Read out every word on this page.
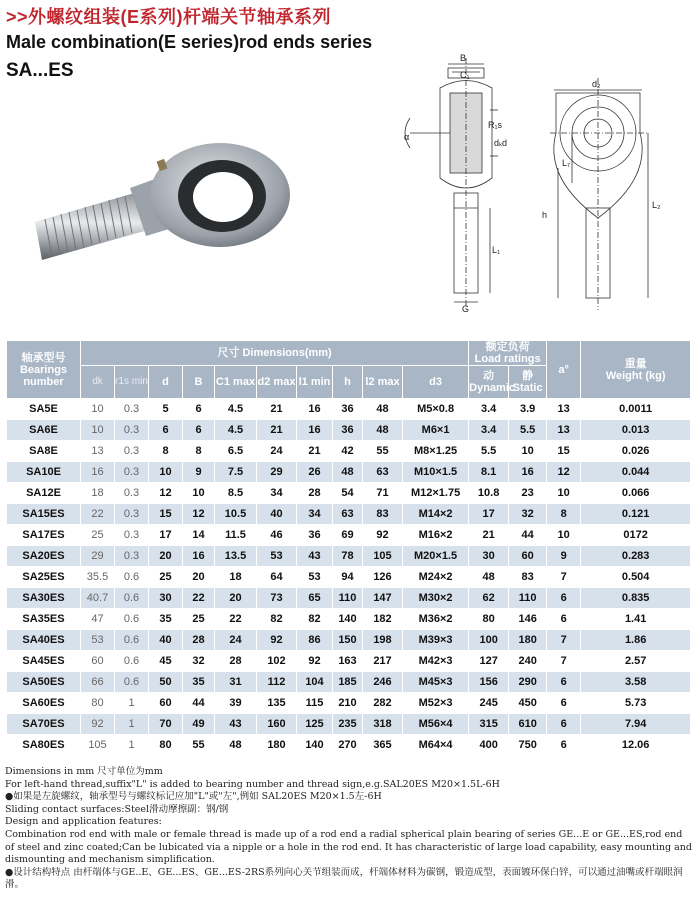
>>外螺纹组装(E系列)杆端关节轴承系列
Male combination(E series)rod ends series
SA...ES
B
C₁
α
R₁s
dₖ d
d₂
L₇
L₂
h
L₁
G
轴承型号
Bearings number	尺寸 Dimensions(mm)										额定负荷
Load ratings		a°	重量
Weight (kg)
	dk	r1s min	d	B	C1 max	d2 max	l1 min	h	l2 max	d3	动
Dynamic	静
Static		
SA5E	10	0.3	5	6	4.5	21	16	36	48	M5×0.8	3.4	3.9	13	0.0011
SA6E	10	0.3	6	6	4.5	21	16	36	48	M6×1	3.4	5.5	13	0.013
SA8E	13	0.3	8	8	6.5	24	21	42	55	M8×1.25	5.5	10	15	0.026
SA10E	16	0.3	10	9	7.5	29	26	48	63	M10×1.5	8.1	16	12	0.044
SA12E	18	0.3	12	10	8.5	34	28	54	71	M12×1.75	10.8	23	10	0.066
SA15ES	22	0.3	15	12	10.5	40	34	63	83	M14×2	17	32	8	0.121
SA17ES	25	0.3	17	14	11.5	46	36	69	92	M16×2	21	44	10	0172
SA20ES	29	0.3	20	16	13.5	53	43	78	105	M20×1.5	30	60	9	0.283
SA25ES	35.5	0.6	25	20	18	64	53	94	126	M24×2	48	83	7	0.504
SA30ES	40.7	0.6	30	22	20	73	65	110	147	M30×2	62	110	6	0.835
SA35ES	47	0.6	35	25	22	82	82	140	182	M36×2	80	146	6	1.41
SA40ES	53	0.6	40	28	24	92	86	150	198	M39×3	100	180	7	1.86
SA45ES	60	0.6	45	32	28	102	92	163	217	M42×3	127	240	7	2.57
SA50ES	66	0.6	50	35	31	112	104	185	246	M45×3	156	290	6	3.58
SA60ES	80	1	60	44	39	135	115	210	282	M52×3	245	450	6	5.73
SA70ES	92	1	70	49	43	160	125	235	318	M56×4	315	610	6	7.94
SA80ES	105	1	80	55	48	180	140	270	365	M64×4	400	750	6	12.06
Dimensions in mm 尺寸单位为mm
For left-hand thread,suffix"L" is added to bearing number and thread sign,e.g.SAL20ES M20×1.5L-6H
●如果是左旋螺纹，轴承型号与螺纹标记应加"L"或"左",例如 SAL20ES M20×1.5左-6H
Sliding contact surfaces:Steel滑动摩擦副：钢/钢
Design and application features:
Combination rod end with male or female thread is made up of a rod end a radial spherical plain bearing of series GE...E or GE...ES,rod end of steel and zinc coated;Can be lubicated via a nipple or a hole in the rod end. It has characteristic of large load capability, easy mounting and dismounting and mechanism simplification.
●设计结构特点 由杆端体与GE..E、GE...ES、GE...ES-2RS系列向心关节组装而成，杆端体材料为碳钢，锻造成型，表面镀环保白锌，可以通过油嘴或杆端眼润滑。
